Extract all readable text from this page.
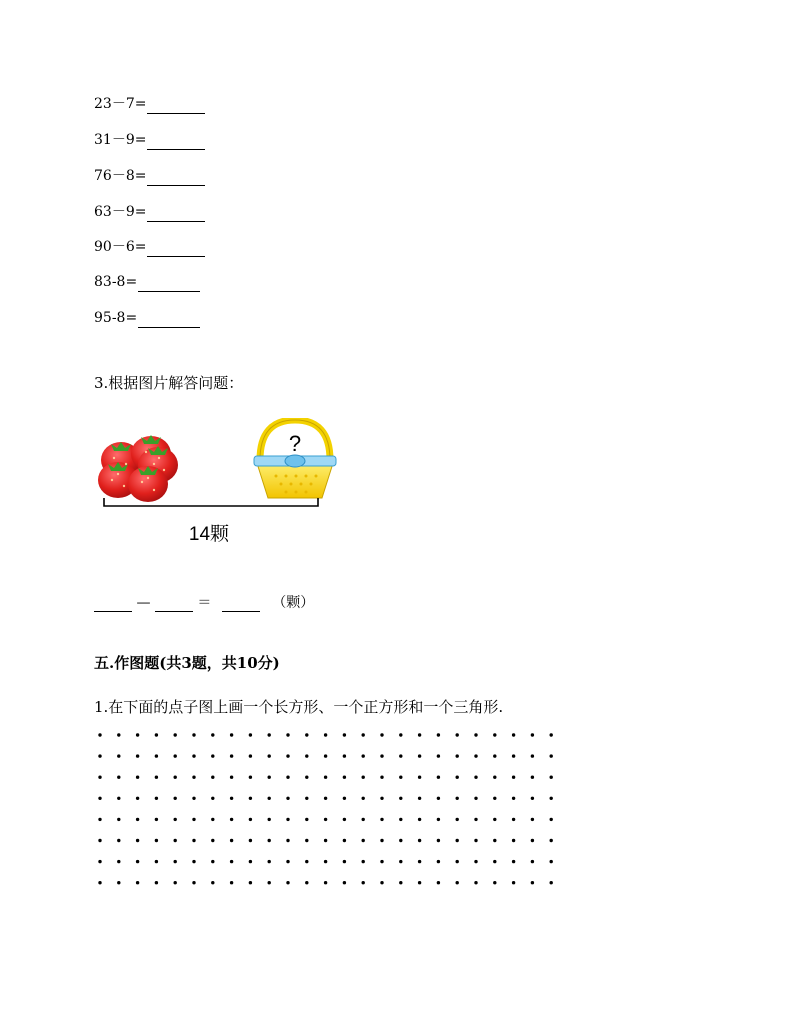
23－7=
31－9=
76－8=
63－9=
90－6=
83-8=
95-8=
3.根据图片解答问题：
?
14颗
—	＝	（颗）
五.作图题(共3题，共10分)
1.在下面的点子图上画一个长方形、一个正方形和一个三角形.
